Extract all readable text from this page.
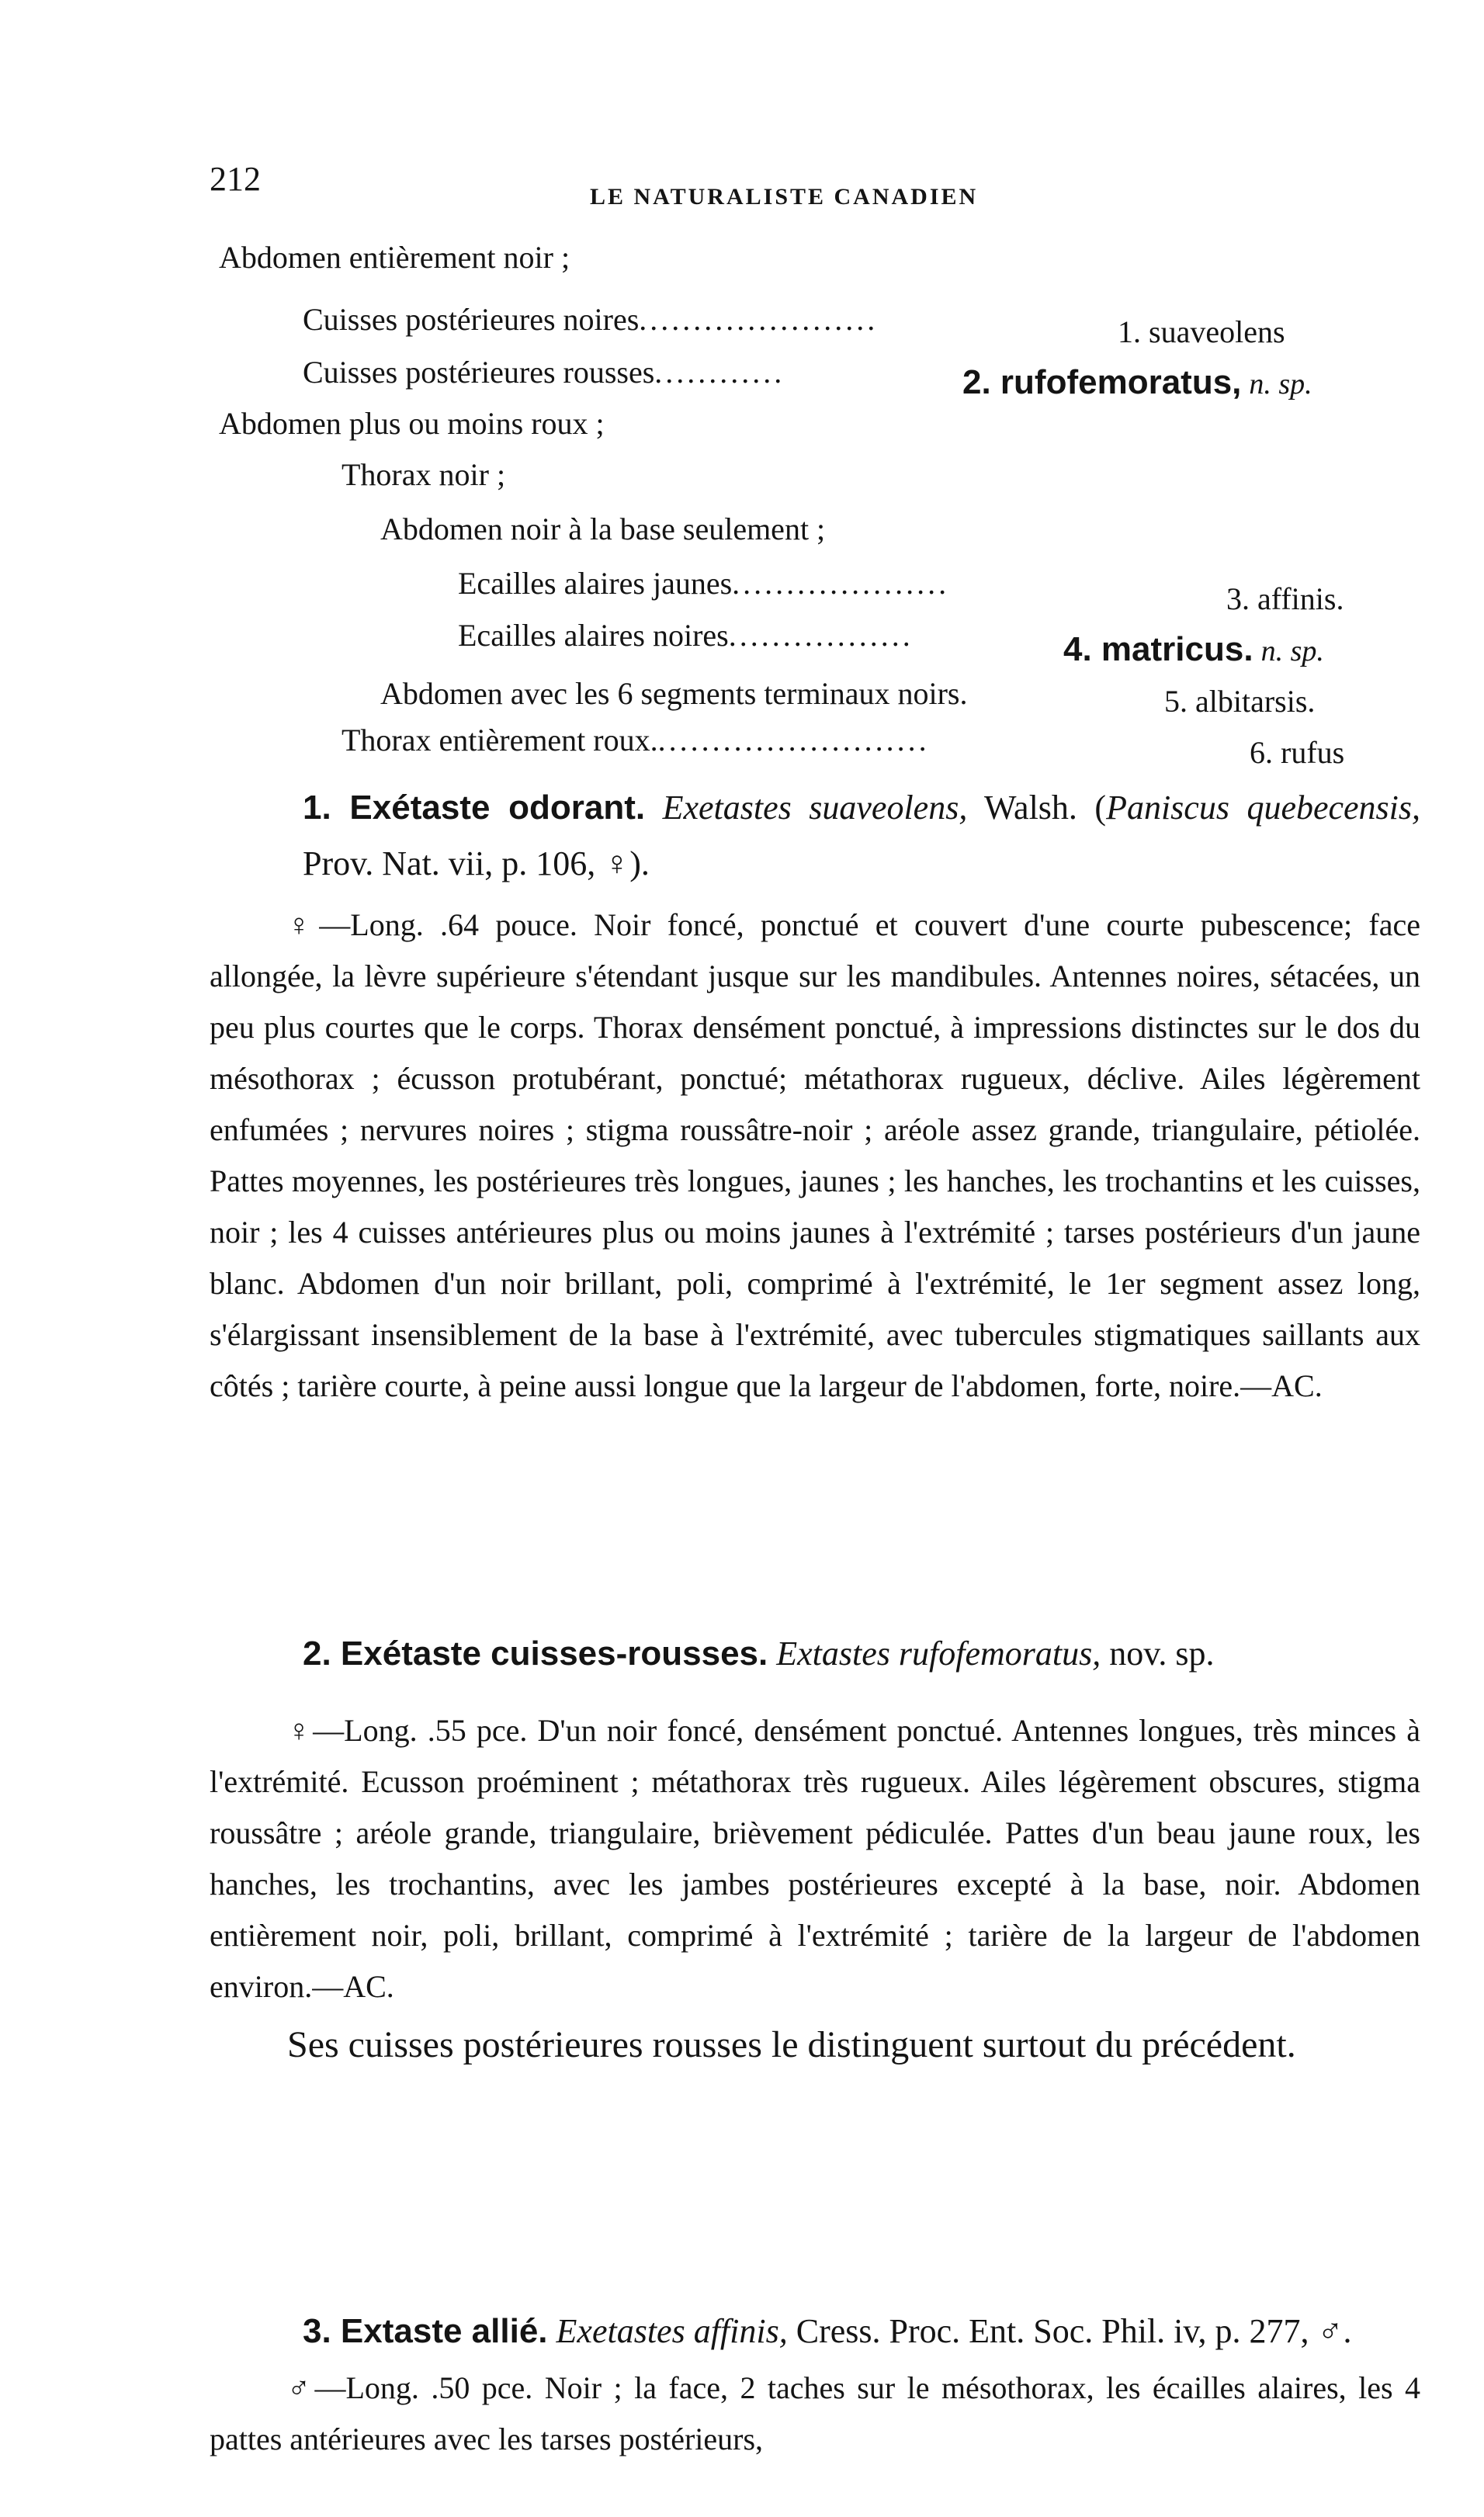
212	LE NATURALISTE CANADIEN
Abdomen entièrement noir ;
Cuisses postérieures noires......................	1. suaveolens
Cuisses postérieures rousses............	2. rufofemoratus, n. sp.
Abdomen plus ou moins roux ;
Thorax noir ;
Abdomen noir à la base seulement ;
Ecailles alaires jaunes....................	3. affinis.
Ecailles alaires noires.................	4. matricus. n. sp.
Abdomen avec les 6 segments terminaux noirs.	5. albitarsis.
Thorax entièrement roux..........................	6. rufus
1. Exétaste odorant. Exetastes suaveolens, Walsh. (Paniscus quebecensis, Prov. Nat. vii, p. 106, ♀).
♀—Long. .64 pouce. Noir foncé, ponctué et couvert d'une courte pubescence; face allongée, la lèvre supérieure s'étendant jusque sur les mandibules. Antennes noires, sétacées, un peu plus courtes que le corps. Thorax densément ponctué, à impressions distinctes sur le dos du mésothorax ; écusson protubérant, ponctué; métathorax rugueux, déclive. Ailes légèrement enfumées ; nervures noires ; stigma roussâtre-noir ; aréole assez grande, triangulaire, pétiolée. Pattes moyennes, les postérieures très longues, jaunes ; les hanches, les trochantins et les cuisses, noir ; les 4 cuisses antérieures plus ou moins jaunes à l'extrémité ; tarses postérieurs d'un jaune blanc. Abdomen d'un noir brillant, poli, comprimé à l'extrémité, le 1er segment assez long, s'élargissant insensiblement de la base à l'extrémité, avec tubercules stigmatiques saillants aux côtés ; tarière courte, à peine aussi longue que la largeur de l'abdomen, forte, noire.—AC.
2. Exétaste cuisses-rousses. Extastes rufofemoratus, nov. sp.
♀—Long. .55 pce. D'un noir foncé, densément ponctué. Antennes longues, très minces à l'extrémité. Ecusson proéminent ; métathorax très rugueux. Ailes légèrement obscures, stigma roussâtre ; aréole grande, triangulaire, brièvement pédiculée. Pattes d'un beau jaune roux, les hanches, les trochantins, avec les jambes postérieures excepté à la base, noir. Abdomen entièrement noir, poli, brillant, comprimé à l'extrémité ; tarière de la largeur de l'abdomen environ.—AC.
Ses cuisses postérieures rousses le distinguent surtout du précédent.
3. Extaste allié. Exetastes affinis, Cress. Proc. Ent. Soc. Phil. iv, p. 277, ♂.
♂—Long. .50 pce. Noir ; la face, 2 taches sur le mésothorax, les écailles alaires, les 4 pattes antérieures avec les tarses postérieurs,
